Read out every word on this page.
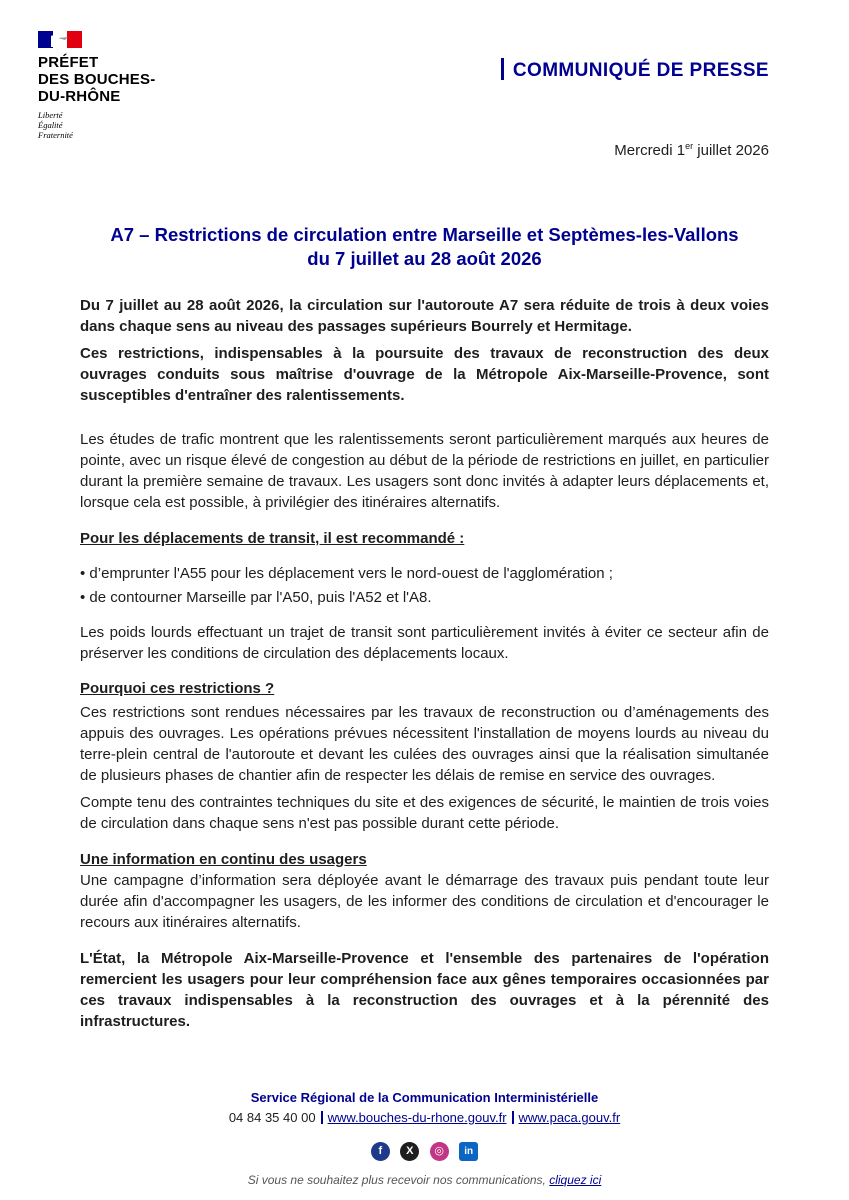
PRÉFET
DES BOUCHES-
DU-RHÔNE
Liberté
Égalité
Fraternité
COMMUNIQUÉ DE PRESSE
Mercredi 1er juillet 2026
A7 – Restrictions de circulation entre Marseille et Septèmes-les-Vallons
du 7 juillet au 28 août 2026

Du 7 juillet au 28 août 2026, la circulation sur l'autoroute A7 sera réduite de trois à deux voies dans chaque sens au niveau des passages supérieurs Bourrely et Hermitage.

Ces restrictions, indispensables à la poursuite des travaux de reconstruction des deux ouvrages conduits sous maîtrise d'ouvrage de la Métropole Aix-Marseille-Provence, sont susceptibles d'entraîner des ralentissements.

Les études de trafic montrent que les ralentissements seront particulièrement marqués aux heures de pointe, avec un risque élevé de congestion au début de la période de restrictions en juillet, en particulier durant la première semaine de travaux. Les usagers sont donc invités à adapter leurs déplacements et, lorsque cela est possible, à privilégier des itinéraires alternatifs.

Pour les déplacements de transit, il est recommandé :
• d’emprunter l'A55 pour les déplacement vers le nord-ouest de l'agglomération ;
• de contourner Marseille par l'A50, puis l'A52 et l'A8.

Les poids lourds effectuant un trajet de transit sont particulièrement invités à éviter ce secteur afin de préserver les conditions de circulation des déplacements locaux.

Pourquoi ces restrictions ?

Ces restrictions sont rendues nécessaires par les travaux de reconstruction ou d’aménagements des appuis des ouvrages. Les opérations prévues nécessitent l'installation de moyens lourds au niveau du terre-plein central de l'autoroute et devant les culées des ouvrages ainsi que la réalisation simultanée de plusieurs phases de chantier afin de respecter les délais de remise en service des ouvrages.

Compte tenu des contraintes techniques du site et des exigences de sécurité, le maintien de trois voies de circulation dans chaque sens n'est pas possible durant cette période.

Une information en continu des usagers

Une campagne d’information sera déployée avant le démarrage des travaux puis pendant toute leur durée afin d'accompagner les usagers, de les informer des conditions de circulation et d'encourager le recours aux itinéraires alternatifs.

L'État, la Métropole Aix-Marseille-Provence et l'ensemble des partenaires de l'opération remercient les usagers pour leur compréhension face aux gênes temporaires occasionnées par ces travaux indispensables à la reconstruction des ouvrages et à la pérennité des infrastructures.

Service Régional de la Communication Interministérielle
04 84 35 40 00 www.bouches-du-rhone.gouv.fr www.paca.gouv.fr
f X ◎ in
Si vous ne souhaitez plus recevoir nos communications, cliquez ici
